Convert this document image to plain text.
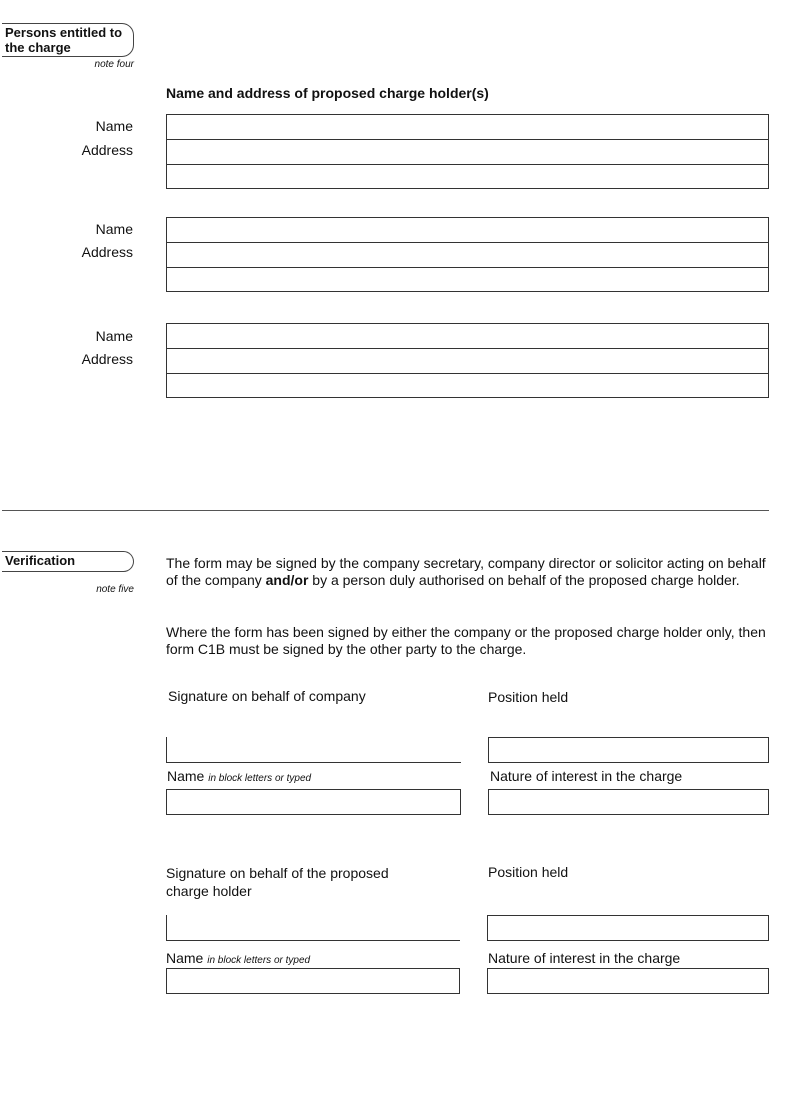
Persons entitled to the charge
note four
Name and address of proposed charge holder(s)
Name
Address
Name
Address
Name
Address
Verification
note five
The form may be signed by the company secretary, company director or solicitor acting on behalf of the company and/or by a person duly authorised on behalf of the proposed charge holder.
Where the form has been signed by either the company or the proposed charge holder only, then form C1B must be signed by the other party to the charge.
Signature on behalf of company	Position held
Name in block letters or typed	Nature of interest in the charge
Signature on behalf of the proposed charge holder
Position held
Name in block letters or typed	Nature of interest in the charge
